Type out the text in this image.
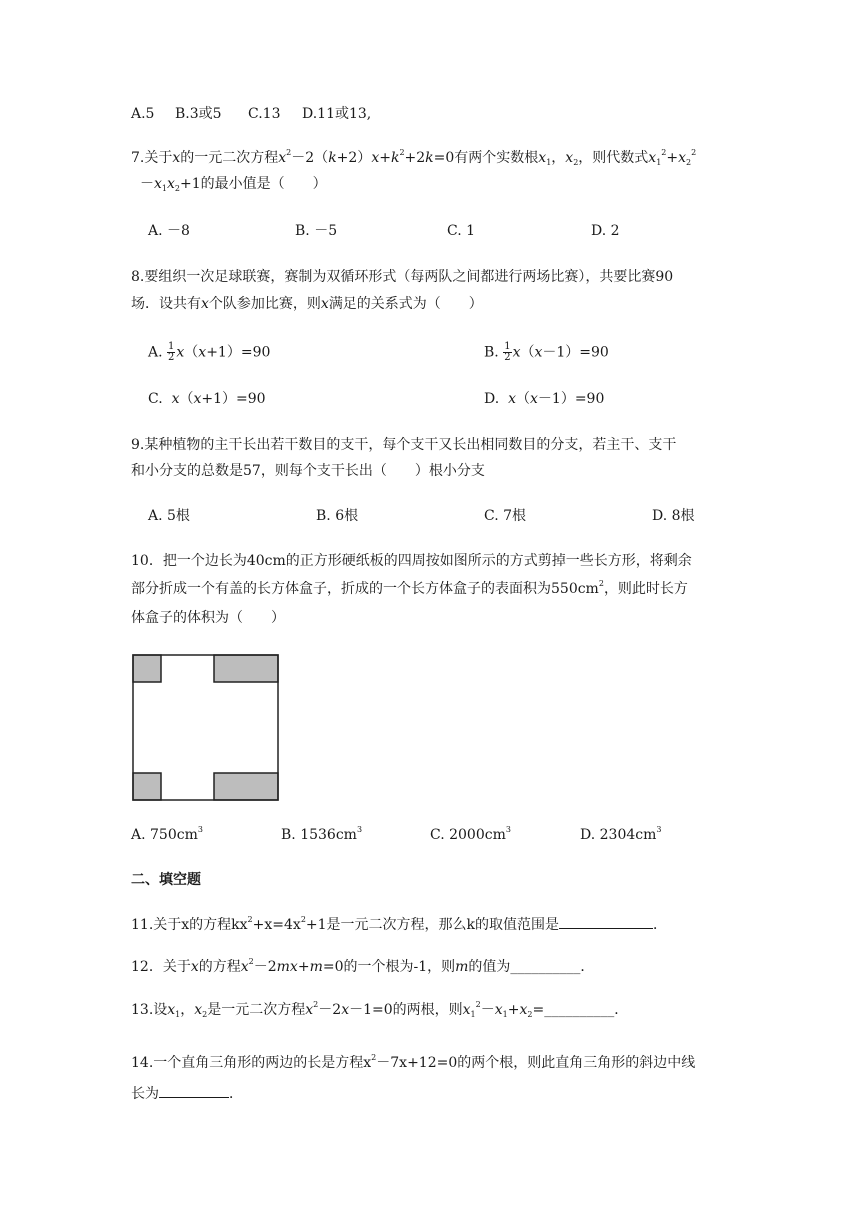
A.5 B.3或5 C.13 D.11或13,
7.关于x的一元二次方程$x^2-2(k+2)x+k^2+2k=0$有两个实数根$x_1$，$x_2$，则代数式$x_1^2+x_2^2$
$-x_1x_2+1$的最小值是（　　）
A. －8	B. －5	C. 1	D. 2
8.要组织一次足球联赛，赛制为双循环形式（每两队之间都进行两场比赛），共要比赛90
场．设共有x个队参加比赛，则x满足的关系式为（　　）
A. $\frac{1}{2} x(x+1)=90$	B. $\frac{1}{2} x(x-1)=90$
C. x（x+1）=90	D. x（x－1）=90
9.某种植物的主干长出若干数目的支干，每个支干又长出相同数目的分支，若主干、支干
和小分支的总数是57，则每个支干长出（　　）根小分支
A. 5根	B. 6根	C. 7根	D. 8根
10．把一个边长为40cm的正方形硬纸板的四周按如图所示的方式剪掉一些长方形，将剩余
部分折成一个有盖的长方体盒子，折成的一个长方体盒子的表面积为$550cm^2$，则此时长方
体盒子的体积为（　　）
A. $750cm^3$	B. $1536cm^3$	C. $2000cm^3$	D. $2304cm^3$
二、填空题
11.关于x的方程$kx^2+x=4x^2+1$是一元二次方程，那么k的取值范围是	．
12．关于x的方程$x^2-2mx+m=0$的一个根为-1，则m的值为__________．
13.设$x_1$，$x_2$是一元二次方程$x^2-2x-1=0$的两根，则$x_1^2-x_1+x_2=\_\_\_\_\_\_\_\_\_\_$．
14.一个直角三角形的两边的长是方程$x^2-7x+12=0$的两个根，则此直角三角形的斜边中线
长为	．
